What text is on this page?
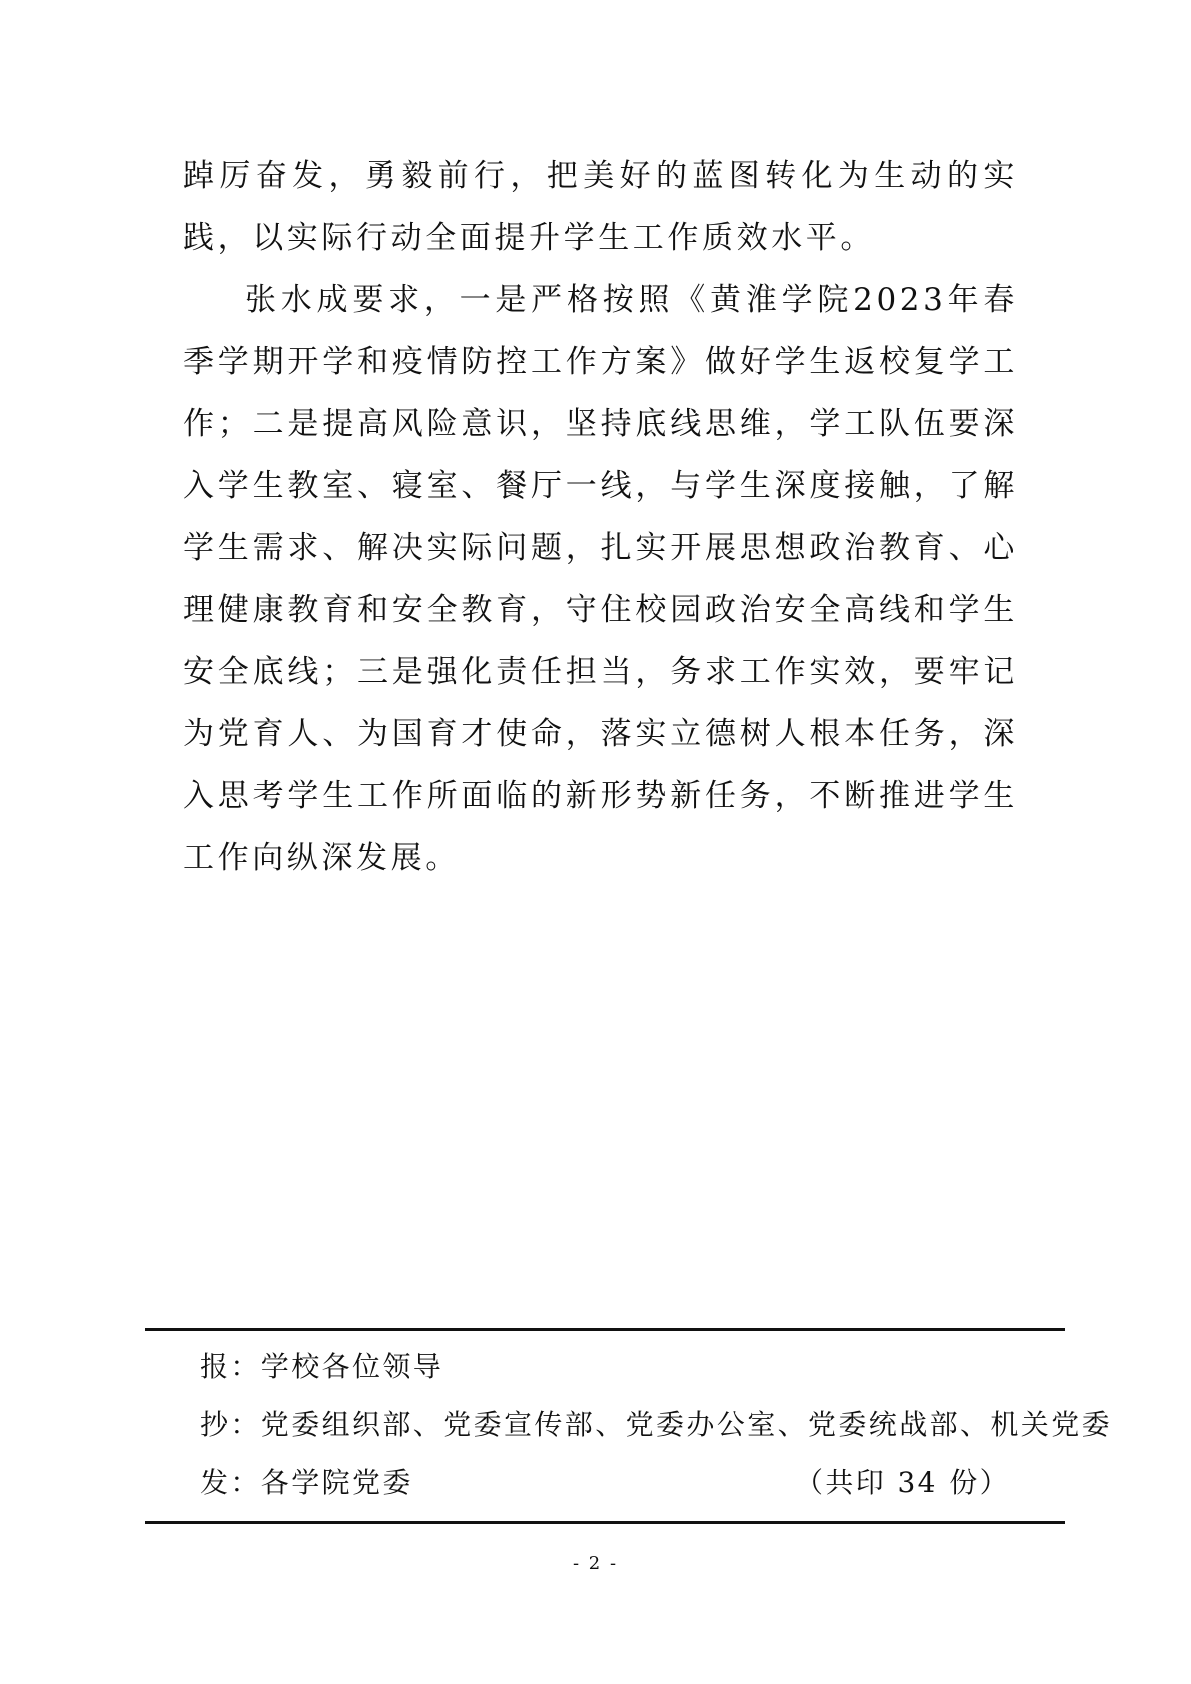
踔厉奋发，勇毅前行，把美好的蓝图转化为生动的实践，以实际行动全面提升学生工作质效水平。

张水成要求，一是严格按照《黄淮学院2023年春季学期开学和疫情防控工作方案》做好学生返校复学工作；二是提高风险意识，坚持底线思维，学工队伍要深入学生教室、寝室、餐厅一线，与学生深度接触，了解学生需求、解决实际问题，扎实开展思想政治教育、心理健康教育和安全教育，守住校园政治安全高线和学生安全底线；三是强化责任担当，务求工作实效，要牢记为党育人、为国育才使命，落实立德树人根本任务，深入思考学生工作所面临的新形势新任务，不断推进学生工作向纵深发展。

报：学校各位领导
抄：党委组织部、党委宣传部、党委办公室、党委统战部、机关党委
发：各学院党委	（共印 34 份）
- 2 -
